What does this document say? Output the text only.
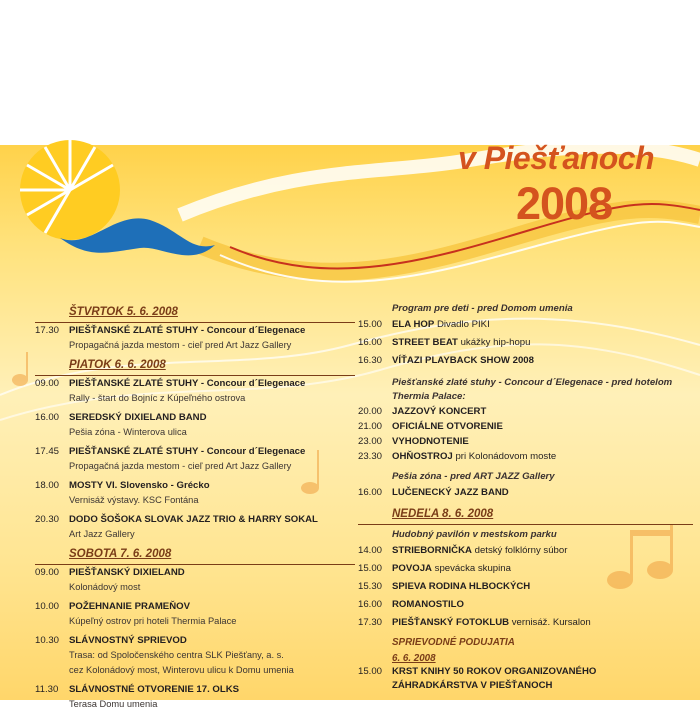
v Piešťanoch
2008
ŠTVRTOK 5. 6. 2008
17.30	PIEŠŤANSKÉ ZLATÉ STUHY - Concour d´Elegenace
Propagačná jazda mestom - cieľ pred Art Jazz Gallery
PIATOK 6. 6. 2008
09.00	PIEŠŤANSKÉ ZLATÉ STUHY - Concour d´Elegenace
Rally - štart do Bojníc z Kúpeľného ostrova
16.00	SEREDSKÝ DIXIELAND BAND
Pešia zóna - Winterova ulica
17.45	PIEŠŤANSKÉ ZLATÉ STUHY - Concour d´Elegenace
Propagačná jazda mestom - cieľ pred Art Jazz Gallery
18.00	MOSTY VI. Slovensko - Grécko
Vernisáž výstavy. KSC Fontána
20.30	DODO ŠOŠOKA SLOVAK JAZZ TRIO & HARRY SOKAL
Art Jazz Gallery
SOBOTA 7. 6. 2008
09.00	PIEŠŤANSKÝ DIXIELAND
Kolonádový most
10.00	POŽEHNANIE PRAMEŇOV
Kúpeľný ostrov pri hoteli Thermia Palace
10.30	SLÁVNOSTNÝ SPRIEVOD
Trasa: od Spoločenského centra SLK Piešťany, a. s.
cez Kolonádový most, Winterovu ulicu k Domu umenia
11.30	SLÁVNOSTNÉ OTVORENIE 17. OLKS
Terasa Domu umenia
Program pre deti - pred Domom umenia
15.00	ELA HOP Divadlo PIKI
16.00	STREET BEAT ukážky hip-hopu
16.30	VÍŤAZI PLAYBACK SHOW 2008
Piešťanské zlaté stuhy - Concour d´Elegenace - pred hotelom Thermia Palace:
20.00	JAZZOVÝ KONCERT
21.00	OFICIÁLNE OTVORENIE
23.00	VYHODNOTENIE
23.30	OHŇOSTROJ pri Kolonádovom moste
Pešia zóna - pred ART JAZZ Gallery
16.00	LUČENECKÝ JAZZ BAND
NEDEĽA 8. 6. 2008
Hudobný pavilón v mestskom parku
14.00	STRIEBORNIČKA detský folklórny súbor
15.00	POVOJA spevácka skupina
15.30	SPIEVA RODINA HLBOCKÝCH
16.00	ROMANOSTILO
17.30	PIEŠŤANSKÝ FOTOKLUB vernisáž. Kursalon
SPRIEVODNÉ PODUJATIA
6. 6. 2008
15.00	KRST KNIHY 50 ROKOV ORGANIZOVANÉHO
ZÁHRADKÁRSTVA V PIEŠŤANOCH
